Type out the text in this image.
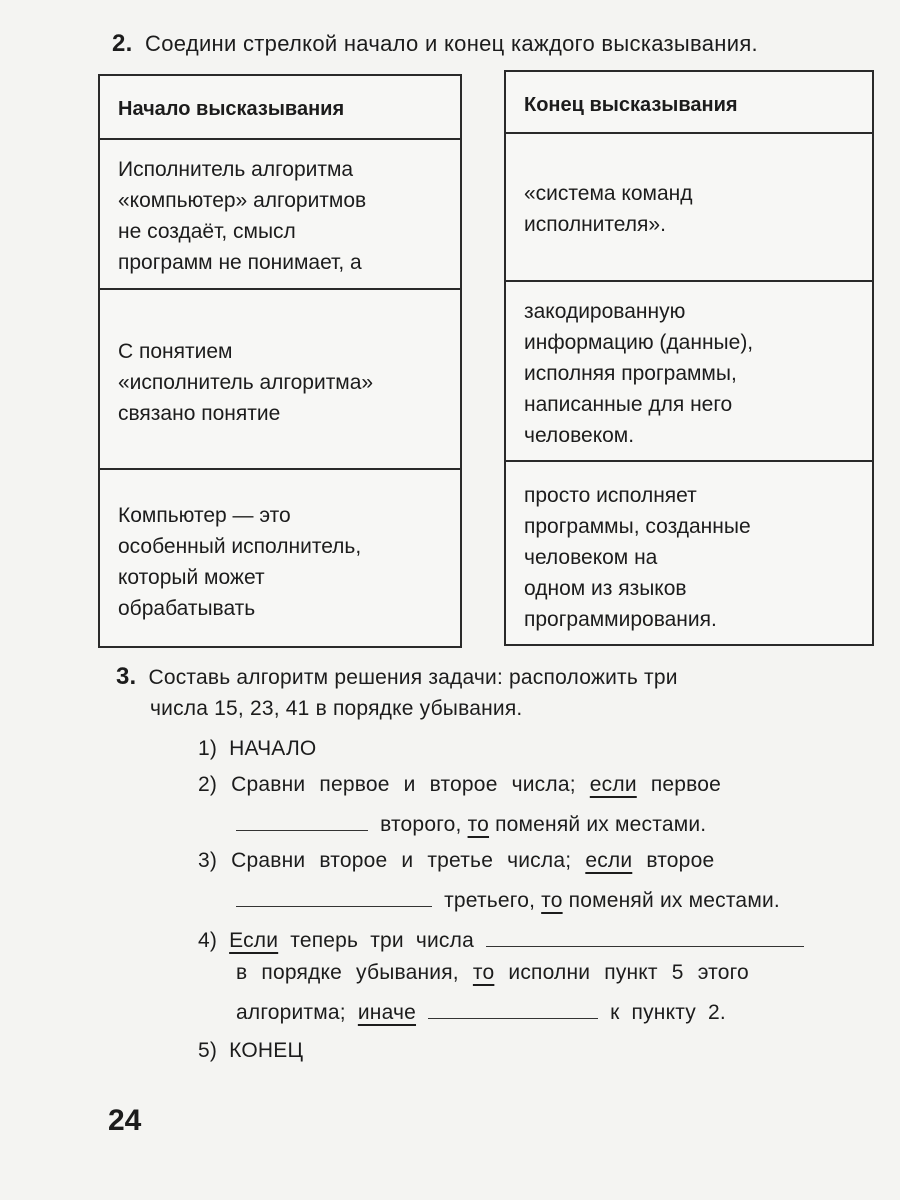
2. Соедини стрелкой начало и конец каждого высказывания.
Начало высказывания
Исполнитель алгоритма
«компьютер» алгоритмов
не создаёт, смысл
программ не понимает, а
С понятием
«исполнитель алгоритма»
связано понятие
Компьютер — это
особенный исполнитель,
который может
обрабатывать
Конец высказывания
«система команд
исполнителя».
закодированную
информацию (данные),
исполняя программы,
написанные для него
человеком.
просто исполняет
программы, созданные
человеком на
одном из языков
программирования.
3. Составь алгоритм решения задачи: расположить три
числа 15, 23, 41 в порядке убывания.
1) НАЧАЛО
2) Сравни первое и второе числа; если первое
второго, то поменяй их местами.
3) Сравни второе и третье числа; если второе
третьего, то поменяй их местами.
4) Если теперь три числа
в порядке убывания, то исполни пункт 5 этого
алгоритма; иначе	к пункту 2.
5) КОНЕЦ
24
